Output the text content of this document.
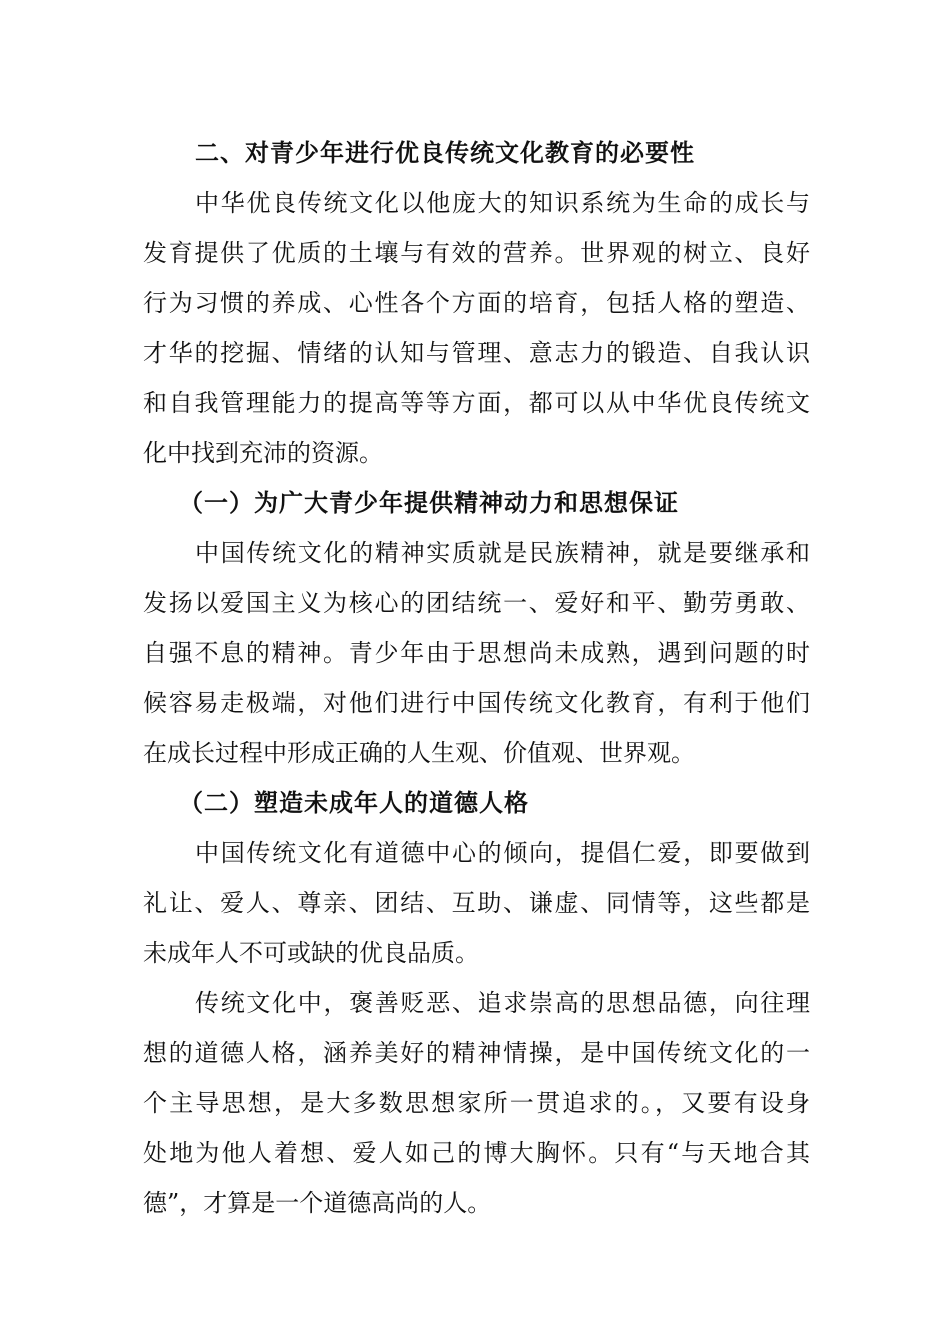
二、对青少年进行优良传统文化教育的必要性
中华优良传统文化以他庞大的知识系统为生命的成长与
发育提供了优质的土壤与有效的营养。世界观的树立、良好
行为习惯的养成、心性各个方面的培育，包括人格的塑造、
才华的挖掘、情绪的认知与管理、意志力的锻造、自我认识
和自我管理能力的提高等等方面，都可以从中华优良传统文
化中找到充沛的资源。
（一）为广大青少年提供精神动力和思想保证
中国传统文化的精神实质就是民族精神，就是要继承和
发扬以爱国主义为核心的团结统一、爱好和平、勤劳勇敢、
自强不息的精神。青少年由于思想尚未成熟，遇到问题的时
候容易走极端，对他们进行中国传统文化教育，有利于他们
在成长过程中形成正确的人生观、价值观、世界观。
（二）塑造未成年人的道德人格
中国传统文化有道德中心的倾向，提倡仁爱，即要做到
礼让、爱人、尊亲、团结、互助、谦虚、同情等，这些都是
未成年人不可或缺的优良品质。
传统文化中，褒善贬恶、追求崇高的思想品德，向往理
想的道德人格，涵养美好的精神情操，是中国传统文化的一
个主导思想，是大多数思想家所一贯追求的。，又要有设身
处地为他人着想、爱人如己的博大胸怀。只有“与天地合其
德”，才算是一个道德高尚的人。
